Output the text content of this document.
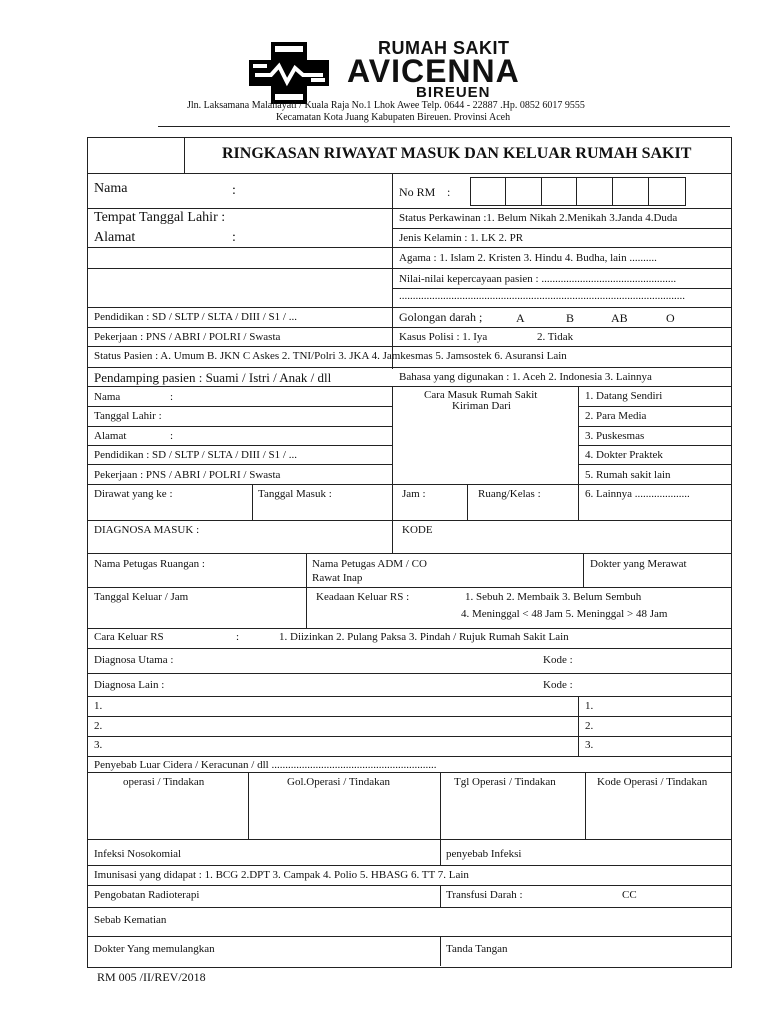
RUMAH SAKIT
AVICENNA
BIREUEN
Jln. Laksamana Malahayati / Kuala Raja No.1 Lhok Awee Telp. 0644 - 22887 .Hp. 0852 6017 9555
Kecamatan Kota Juang Kabupaten Bireuen. Provinsi Aceh
RINGKASAN RIWAYAT MASUK DAN KELUAR RUMAH SAKIT
Nama	:	No RM :
Tempat Tanggal Lahir :	Status Perkawinan :1. Belum Nikah 2.Menikah 3.Janda 4.Duda
Alamat	:	Jenis Kelamin : 1. LK 2. PR
Agama : 1. Islam 2. Kristen 3. Hindu 4. Budha, lain ..........
Nilai-nilai kepercayaan pasien : .................................................
........................................................................................................
Pendidikan : SD / SLTP / SLTA / DIII / S1 / ...	Golongan darah ;	A	B	AB	O
Pekerjaan : PNS / ABRI / POLRI / Swasta	Kasus Polisi : 1. Iya	2. Tidak
Status Pasien : A. Umum B. JKN C Askes 2. TNI/Polri 3. JKA 4. Jamkesmas 5. Jamsostek 6. Asuransi Lain
Pendamping pasien : Suami / Istri / Anak / dll	Bahasa yang digunakan : 1. Aceh 2. Indonesia 3. Lainnya
Nama	:
Tanggal Lahir :
Alamat	:
Pendidikan : SD / SLTP / SLTA / DIII / S1 / ...
Pekerjaan : PNS / ABRI / POLRI / Swasta
Cara Masuk Rumah Sakit
Kiriman Dari
1. Datang Sendiri
2. Para Media
3. Puskesmas
4. Dokter Praktek
5. Rumah sakit lain
6. Lainnya ....................
Dirawat yang ke :	Tanggal Masuk :	Jam :	Ruang/Kelas :
DIAGNOSA MASUK :	KODE
Nama Petugas Ruangan :	Nama Petugas ADM / CO
Rawat Inap
Dokter yang Merawat
Tanggal Keluar / Jam	Keadaan Keluar RS :	1. Sebuh 2. Membaik 3. Belum Sembuh
4. Meninggal < 48 Jam 5. Meninggal > 48 Jam
Cara Keluar RS	:	1. Diizinkan 2. Pulang Paksa 3. Pindah / Rujuk Rumah Sakit Lain
Diagnosa Utama :	Kode :
Diagnosa Lain :	Kode :
1.	1.
2.	2.
3.	3.
Penyebab Luar Cidera / Keracunan / dll ............................................................
operasi / Tindakan	Gol.Operasi / Tindakan	Tgl Operasi / Tindakan	Kode Operasi / Tindakan
Infeksi Nosokomial	penyebab Infeksi
Imunisasi yang didapat : 1. BCG 2.DPT 3. Campak 4. Polio 5. HBASG 6. TT 7. Lain
Pengobatan Radioterapi	Transfusi Darah :	CC
Sebab Kematian
Dokter Yang memulangkan	Tanda Tangan
RM 005 /II/REV/2018
